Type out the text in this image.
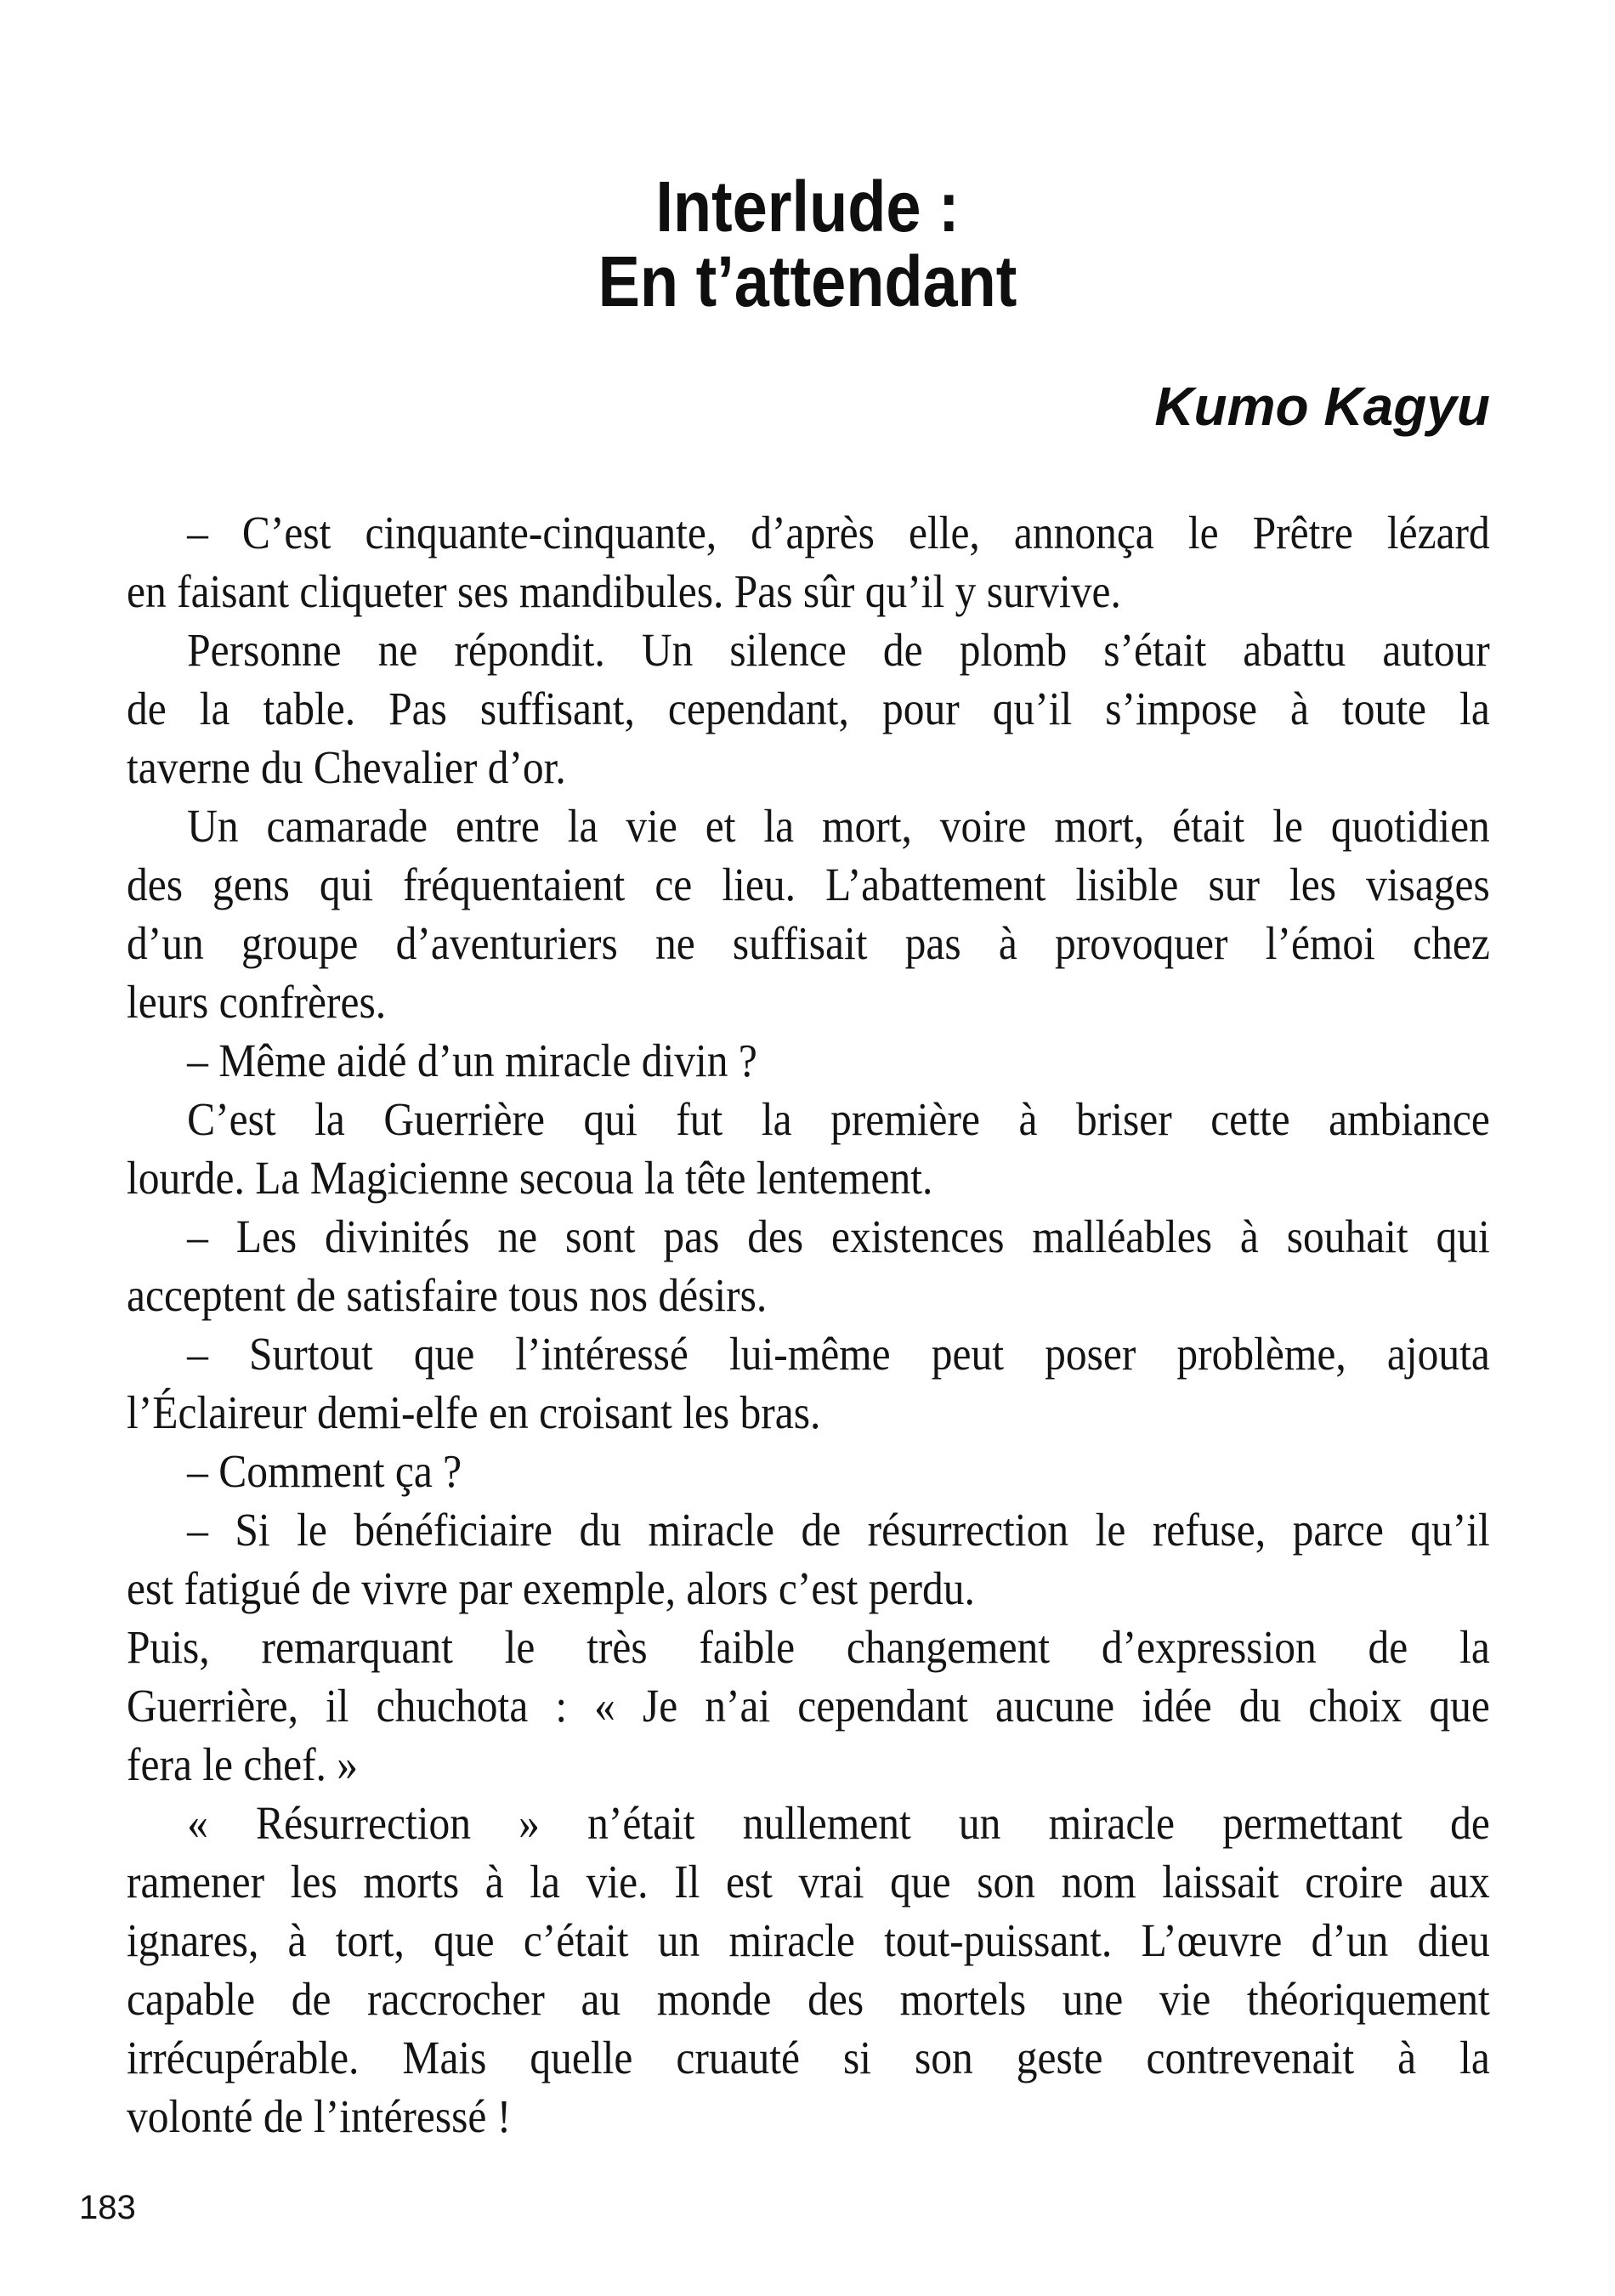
Interlude :
En t’attendant
Kumo Kagyu
– C’est cinquante-cinquante, d’après elle, annonça le Prêtre lézard
en faisant cliqueter ses mandibules. Pas sûr qu’il y survive.
Personne ne répondit. Un silence de plomb s’était abattu autour
de la table. Pas suffisant, cependant, pour qu’il s’impose à toute la
taverne du Chevalier d’or.
Un camarade entre la vie et la mort, voire mort, était le quotidien
des gens qui fréquentaient ce lieu. L’abattement lisible sur les visages
d’un groupe d’aventuriers ne suffisait pas à provoquer l’émoi chez
leurs confrères.
– Même aidé d’un miracle divin ?
C’est la Guerrière qui fut la première à briser cette ambiance
lourde. La Magicienne secoua la tête lentement.
– Les divinités ne sont pas des existences malléables à souhait qui
acceptent de satisfaire tous nos désirs.
– Surtout que l’intéressé lui-même peut poser problème, ajouta
l’Éclaireur demi-elfe en croisant les bras.
– Comment ça ?
– Si le bénéficiaire du miracle de résurrection le refuse, parce qu’il
est fatigué de vivre par exemple, alors c’est perdu.
Puis, remarquant le très faible changement d’expression de la
Guerrière, il chuchota : « Je n’ai cependant aucune idée du choix que
fera le chef. »
« Résurrection » n’était nullement un miracle permettant de
ramener les morts à la vie. Il est vrai que son nom laissait croire aux
ignares, à tort, que c’était un miracle tout-puissant. L’œuvre d’un dieu
capable de raccrocher au monde des mortels une vie théoriquement
irrécupérable. Mais quelle cruauté si son geste contrevenait à la
volonté de l’intéressé !
183
